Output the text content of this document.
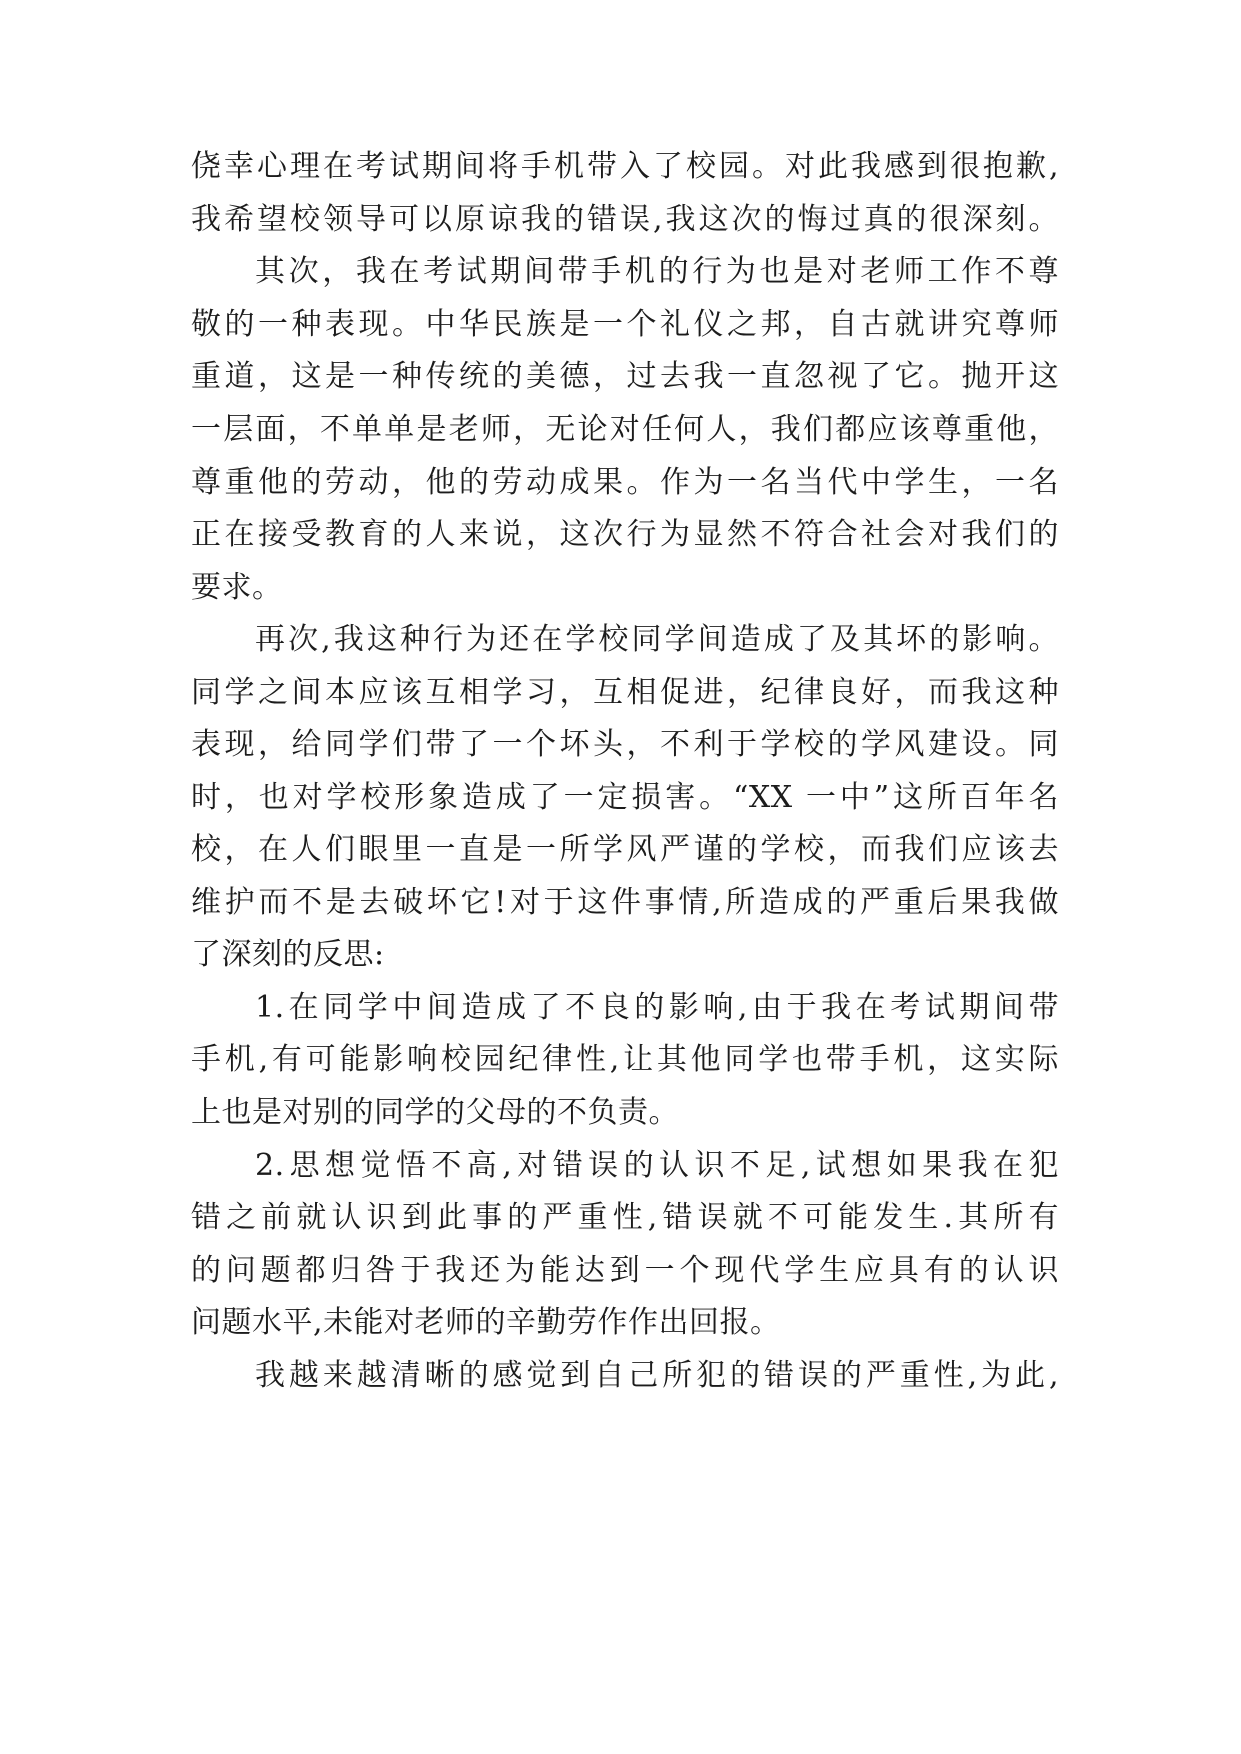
侥幸心理在考试期间将手机带入了校园。对此我感到很抱歉,

我希望校领导可以原谅我的错误,我这次的悔过真的很深刻。

其次，我在考试期间带手机的行为也是对老师工作不尊

敬的一种表现。中华民族是一个礼仪之邦，自古就讲究尊师

重道，这是一种传统的美德，过去我一直忽视了它。抛开这

一层面，不单单是老师，无论对任何人，我们都应该尊重他，

尊重他的劳动，他的劳动成果。作为一名当代中学生，一名

正在接受教育的人来说，这次行为显然不符合社会对我们的

要求。

再次,我这种行为还在学校同学间造成了及其坏的影响。

同学之间本应该互相学习，互相促进，纪律良好，而我这种

表现，给同学们带了一个坏头，不利于学校的学风建设。同

时，也对学校形象造成了一定损害。“XX 一中”这所百年名

校，在人们眼里一直是一所学风严谨的学校，而我们应该去

维护而不是去破坏它!对于这件事情,所造成的严重后果我做

了深刻的反思:

1.在同学中间造成了不良的影响,由于我在考试期间带

手机,有可能影响校园纪律性,让其他同学也带手机，这实际

上也是对别的同学的父母的不负责。

2.思想觉悟不高,对错误的认识不足,试想如果我在犯

错之前就认识到此事的严重性,错误就不可能发生.其所有

的问题都归咎于我还为能达到一个现代学生应具有的认识

问题水平,未能对老师的辛勤劳作作出回报。

我越来越清晰的感觉到自己所犯的错误的严重性,为此,
